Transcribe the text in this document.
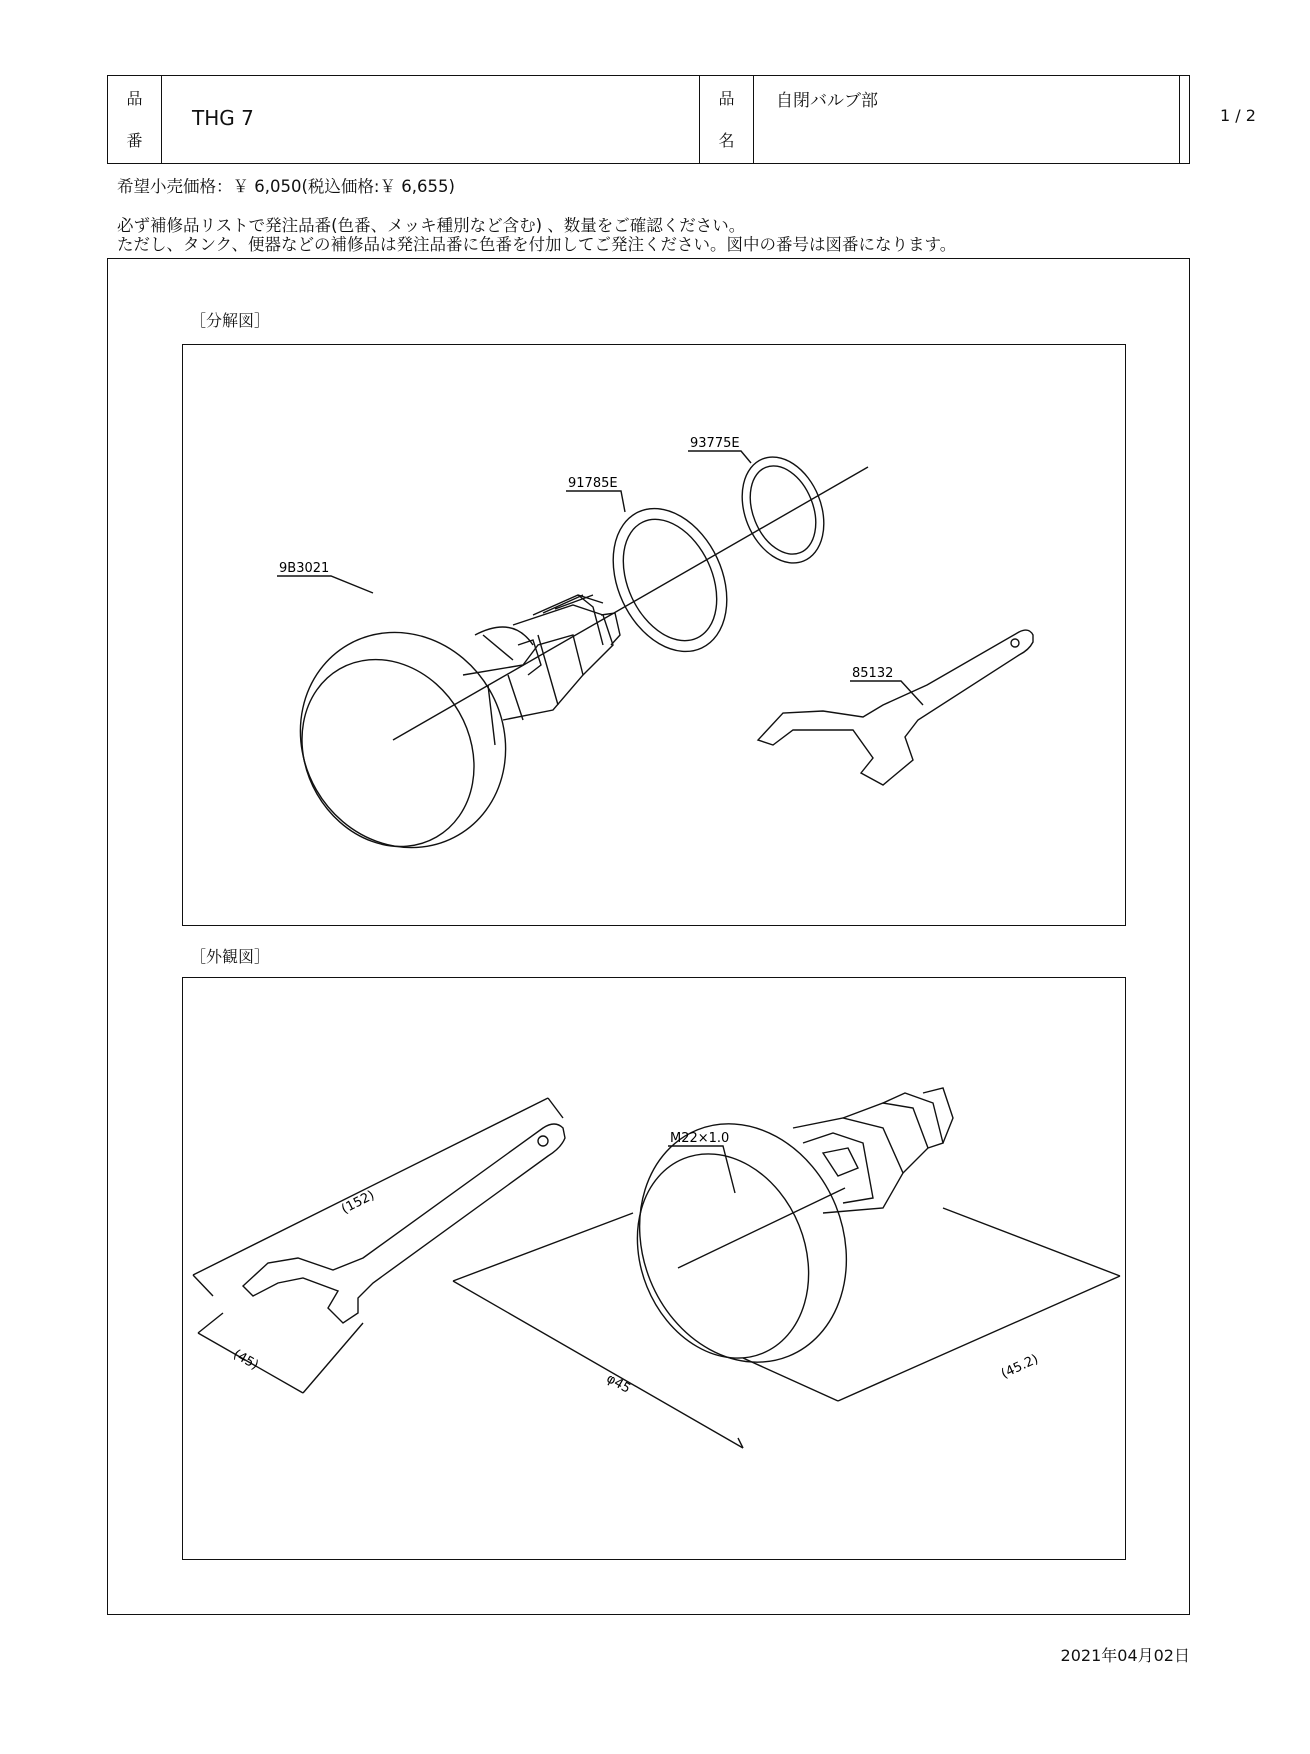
品
番
THG 7
品
名
自閉バルブ部
1 / 2
希望小売価格：￥ 6,050(税込価格:￥ 6,655)
必ず補修品リストで発注品番(色番、メッキ種別など含む) 、数量をご確認ください。
ただし、タンク、便器などの補修品は発注品番に色番を付加してご発注ください。図中の番号は図番になります。
［分解図］
［外観図］
9B3021
91785E
93775E
85132
M22×1.0
(152)
(45)
φ45
(45.2)
2021年04月02日
